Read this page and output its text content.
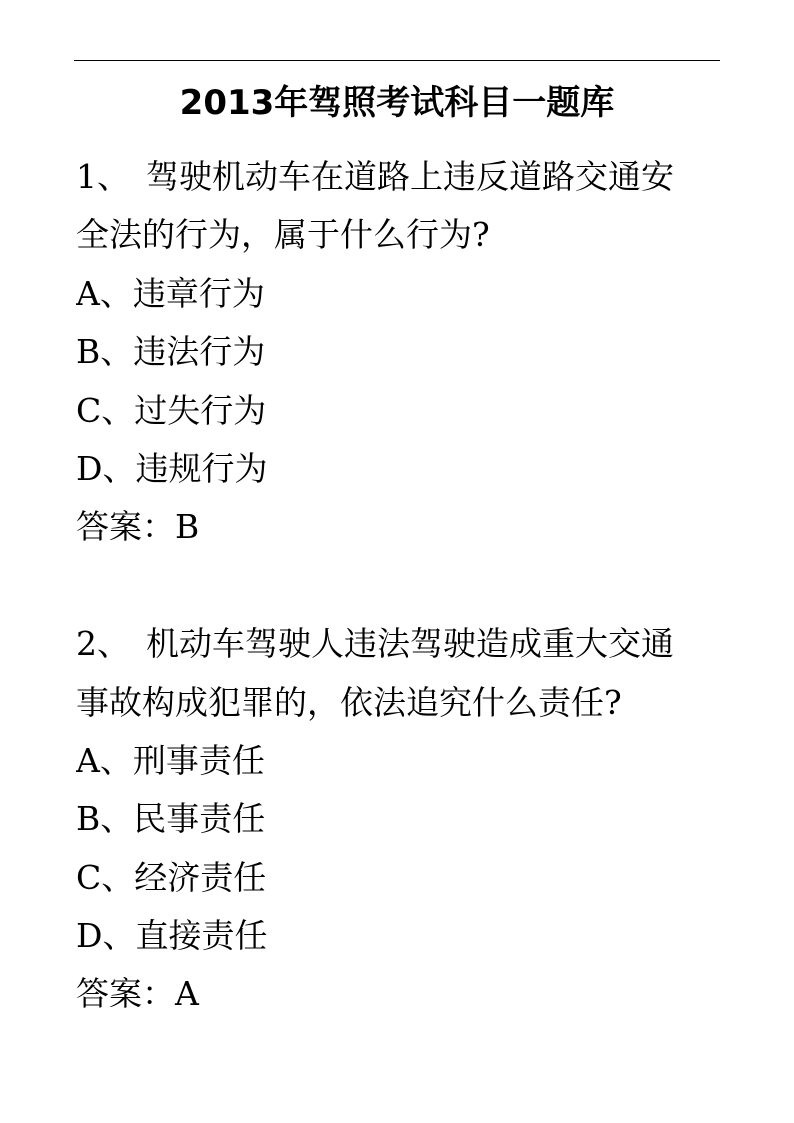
2013年驾照考试科目一题库
1、 驾驶机动车在道路上违反道路交通安
全法的行为，属于什么行为?
A、违章行为
B、违法行为
C、过失行为
D、违规行为
答案：B
2、 机动车驾驶人违法驾驶造成重大交通
事故构成犯罪的，依法追究什么责任?
A、刑事责任
B、民事责任
C、经济责任
D、直接责任
答案：A
